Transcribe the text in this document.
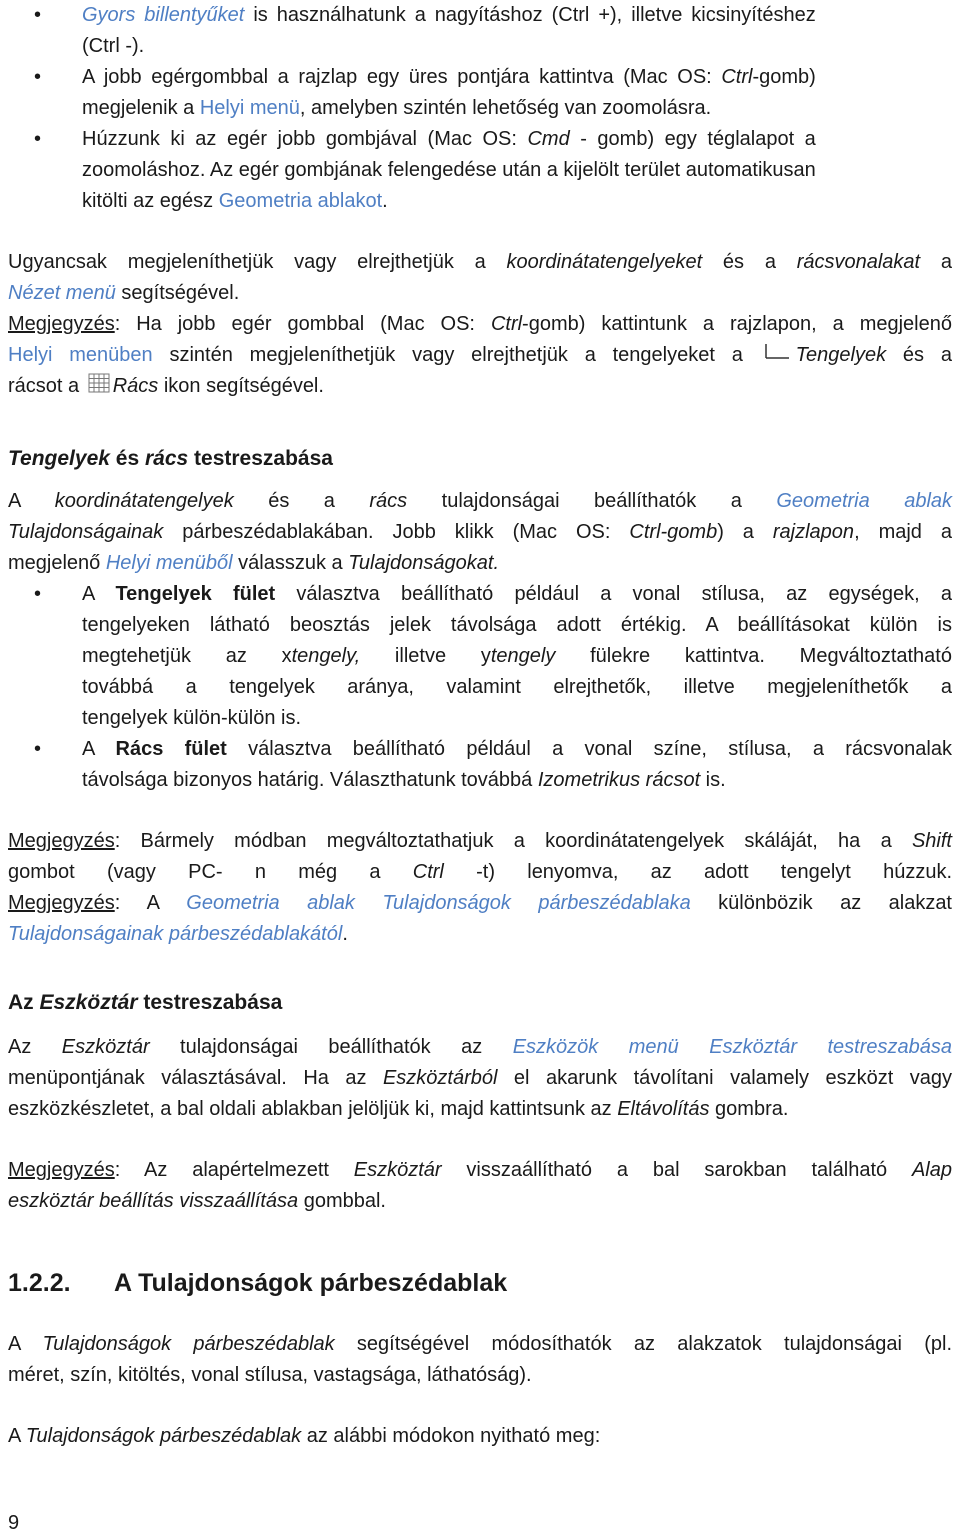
• Gyors billentyűket is használhatunk a nagyításhoz (Ctrl +), illetve kicsinyítéshez
(Ctrl -).
• A jobb egérgombbal a rajzlap egy üres pontjára kattintva (Mac OS: Ctrl-gomb)
megjelenik a Helyi menü, amelyben szintén lehetőség van zoomolásra.
• Húzzunk ki az egér jobb gombjával (Mac OS: Cmd - gomb) egy téglalapot a
zoomoláshoz. Az egér gombjának felengedése után a kijelölt terület automatikusan
kitölti az egész Geometria ablakot.
Ugyancsak megjeleníthetjük vagy elrejthetjük a koordinátatengelyeket és a rácsvonalakat a
Nézet menü segítségével.
Megjegyzés: Ha jobb egér gombbal (Mac OS: Ctrl-gomb) kattintunk a rajzlapon, a megjelenő
Helyi menüben szintén megjeleníthetjük vagy elrejthetjük a tengelyeket a Tengelyek és a
rácsot a Rács ikon segítségével.
Tengelyek és rács testreszabása
A koordinátatengelyek és a rács tulajdonságai beállíthatók a Geometria ablak
Tulajdonságainak párbeszédablakában. Jobb klikk (Mac OS: Ctrl-gomb) a rajzlapon, majd a
megjelenő Helyi menüből válasszuk a Tulajdonságokat.
• A Tengelyek fület választva beállítható például a vonal stílusa, az egységek, a
tengelyeken látható beosztás jelek távolsága adott értékig. A beállításokat külön is
megtehetjük az xtengely, illetve ytengely fülekre kattintva. Megváltoztatható
továbbá a tengelyek aránya, valamint elrejthetők, illetve megjeleníthetők a
tengelyek külön-külön is.
• A Rács fület választva beállítható például a vonal színe, stílusa, a rácsvonalak
távolsága bizonyos határig. Választhatunk továbbá Izometrikus rácsot is.
Megjegyzés: Bármely módban megváltoztathatjuk a koordinátatengelyek skáláját, ha a Shift
gombot (vagy PC- n még a Ctrl -t) lenyomva, az adott tengelyt húzzuk.
Megjegyzés: A Geometria ablak Tulajdonságok párbeszédablaka különbözik az alakzat
Tulajdonságainak párbeszédablakától.
Az Eszköztár testreszabása
Az Eszköztár tulajdonságai beállíthatók az Eszközök menü Eszköztár testreszabása
menüpontjának választásával. Ha az Eszköztárból el akarunk távolítani valamely eszközt vagy
eszközkészletet, a bal oldali ablakban jelöljük ki, majd kattintsunk az Eltávolítás gombra.
Megjegyzés: Az alapértelmezett Eszköztár visszaállítható a bal sarokban található Alap
eszköztár beállítás visszaállítása gombbal.
1.2.2. A Tulajdonságok párbeszédablak
A Tulajdonságok párbeszédablak segítségével módosíthatók az alakzatok tulajdonságai (pl.
méret, szín, kitöltés, vonal stílusa, vastagsága, láthatóság).
A Tulajdonságok párbeszédablak az alábbi módokon nyitható meg:
9
